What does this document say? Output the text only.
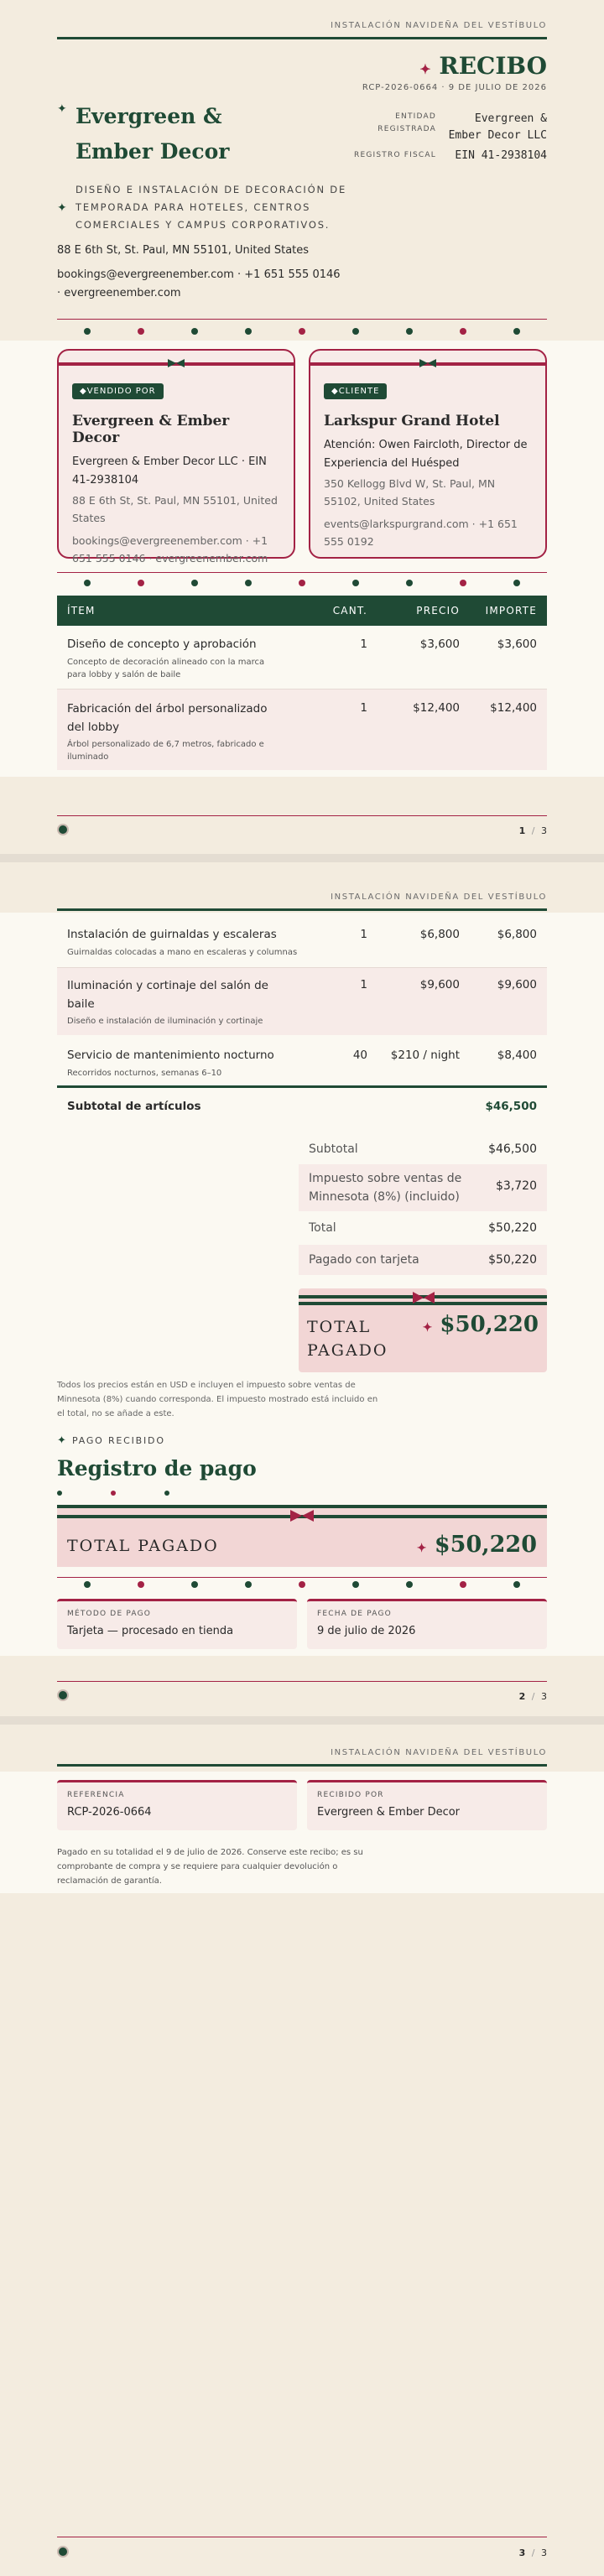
INSTALACIÓN NAVIDEÑA DEL VESTÍBULO
✦ RECIBO
RCP-2026-0664 · 9 DE JULIO DE 2026
ENTIDAD REGISTRADA
Evergreen & Ember Decor LLC
REGISTRO FISCAL	EIN 41-2938104
✦ Evergreen & Ember Decor
✦
DISEÑO E INSTALACIÓN DE DECORACIÓN DE TEMPORADA PARA HOTELES, CENTROS COMERCIALES Y CAMPUS CORPORATIVOS.
88 E 6th St, St. Paul, MN 55101, United States
bookings@evergreenember.com · +1 651 555 0146 · evergreenember.com
◆VENDIDO POR
Evergreen & Ember Decor
Evergreen & Ember Decor LLC · EIN 41-2938104
88 E 6th St, St. Paul, MN 55101, United States
bookings@evergreenember.com · +1 651 555 0146 · evergreenember.com
◆CLIENTE
Larkspur Grand Hotel
Atención: Owen Faircloth, Director de Experiencia del Huésped
350 Kellogg Blvd W, St. Paul, MN 55102, United States
events@larkspurgrand.com · +1 651 555 0192
ÍTEM	CANT.	PRECIO	IMPORTE
Diseño de concepto y aprobación
Concepto de decoración alineado con la marca para lobby y salón de baile
1	$3,600	$3,600
Fabricación del árbol personalizado del lobby
Árbol personalizado de 6,7 metros, fabricado e iluminado
1	$12,400	$12,400
1 / 3
INSTALACIÓN NAVIDEÑA DEL VESTÍBULO
Instalación de guirnaldas y escaleras
Guirnaldas colocadas a mano en escaleras y columnas
1	$6,800	$6,800
Iluminación y cortinaje del salón de baile
Diseño e instalación de iluminación y cortinaje
1	$9,600	$9,600
Servicio de mantenimiento nocturno
Recorridos nocturnos, semanas 6–10
40	$210 / night	$8,400
Subtotal de artículos	$46,500
Subtotal	$46,500
Impuesto sobre ventas de Minnesota (8%) (incluido)
$3,720
Total	$50,220
Pagado con tarjeta	$50,220
TOTAL PAGADO
✦ $50,220
Todos los precios están en USD e incluyen el impuesto sobre ventas de Minnesota (8%) cuando corresponda. El impuesto mostrado está incluido en el total, no se añade a este.
✦ PAGO RECIBIDO
Registro de pago
TOTAL PAGADO	✦ $50,220
MÉTODO DE PAGO
Tarjeta — procesado en tienda
FECHA DE PAGO
9 de julio de 2026
2 / 3
INSTALACIÓN NAVIDEÑA DEL VESTÍBULO
REFERENCIA
RCP-2026-0664
RECIBIDO POR
Evergreen & Ember Decor
Pagado en su totalidad el 9 de julio de 2026. Conserve este recibo; es su comprobante de compra y se requiere para cualquier devolución o reclamación de garantía.
3 / 3
